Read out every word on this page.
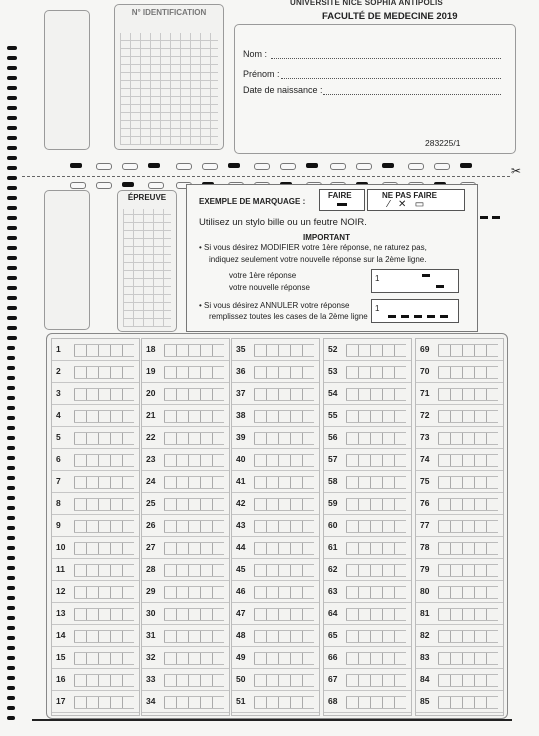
N° IDENTIFICATION
UNIVERSITE NICE SOPHIA ANTIPOLIS
FACULTÉ DE MEDECINE 2019
Nom :
Prénom :
Date de naissance :
283225/1
✂
ÉPREUVE	EXEMPLE DE MARQUAGE :
FAIRE	NE PAS FAIRE
⁄   ✕   ▭
Utilisez un stylo bille ou un feutre NOIR.
IMPORTANT
• Si vous désirez MODIFIER votre 1ère réponse, ne raturez pas,
indiquez seulement votre nouvelle réponse sur la 2ème ligne.
votre 1ère réponse
votre nouvelle réponse
1
• Si vous désirez ANNULER votre réponse
remplissez toutes les cases de la 2ème ligne
1
1
2
3
4
5
6
7
8
9
10
11
12
13
14
15
16
17
18
19
20
21
22
23
24
25
26
27
28
29
30
31
32
33
34
35
36
37
38
39
40
41
42
43
44
45
46
47
48
49
50
51
52
53
54
55
56
57
58
59
60
61
62
63
64
65
66
67
68
69
70
71
72
73
74
75
76
77
78
79
80
81
82
83
84
85
